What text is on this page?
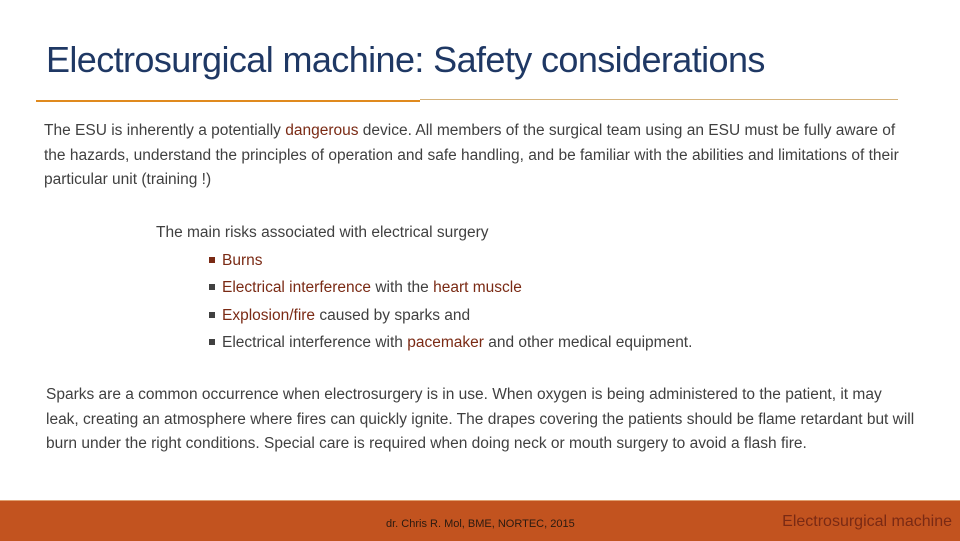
Electrosurgical machine: Safety considerations

The ESU is inherently a potentially dangerous device. All members of the surgical team using an ESU must be fully aware of the hazards, understand the principles of operation and safe handling, and be familiar with the abilities and limitations of their particular unit (training !)

The main risks associated with electrical surgery

Burns
Electrical interference with the heart muscle
Explosion/fire caused by sparks and
Electrical interference with pacemaker and other medical equipment.

Sparks are a common occurrence when electrosurgery is in use. When oxygen is being administered to the patient, it may leak, creating an atmosphere where fires can quickly ignite. The drapes covering the patients should be flame retardant but will burn under the right conditions. Special care is required when doing neck or mouth surgery to avoid a flash fire.

dr. Chris R. Mol, BME, NORTEC, 2015	Electrosurgical machine
